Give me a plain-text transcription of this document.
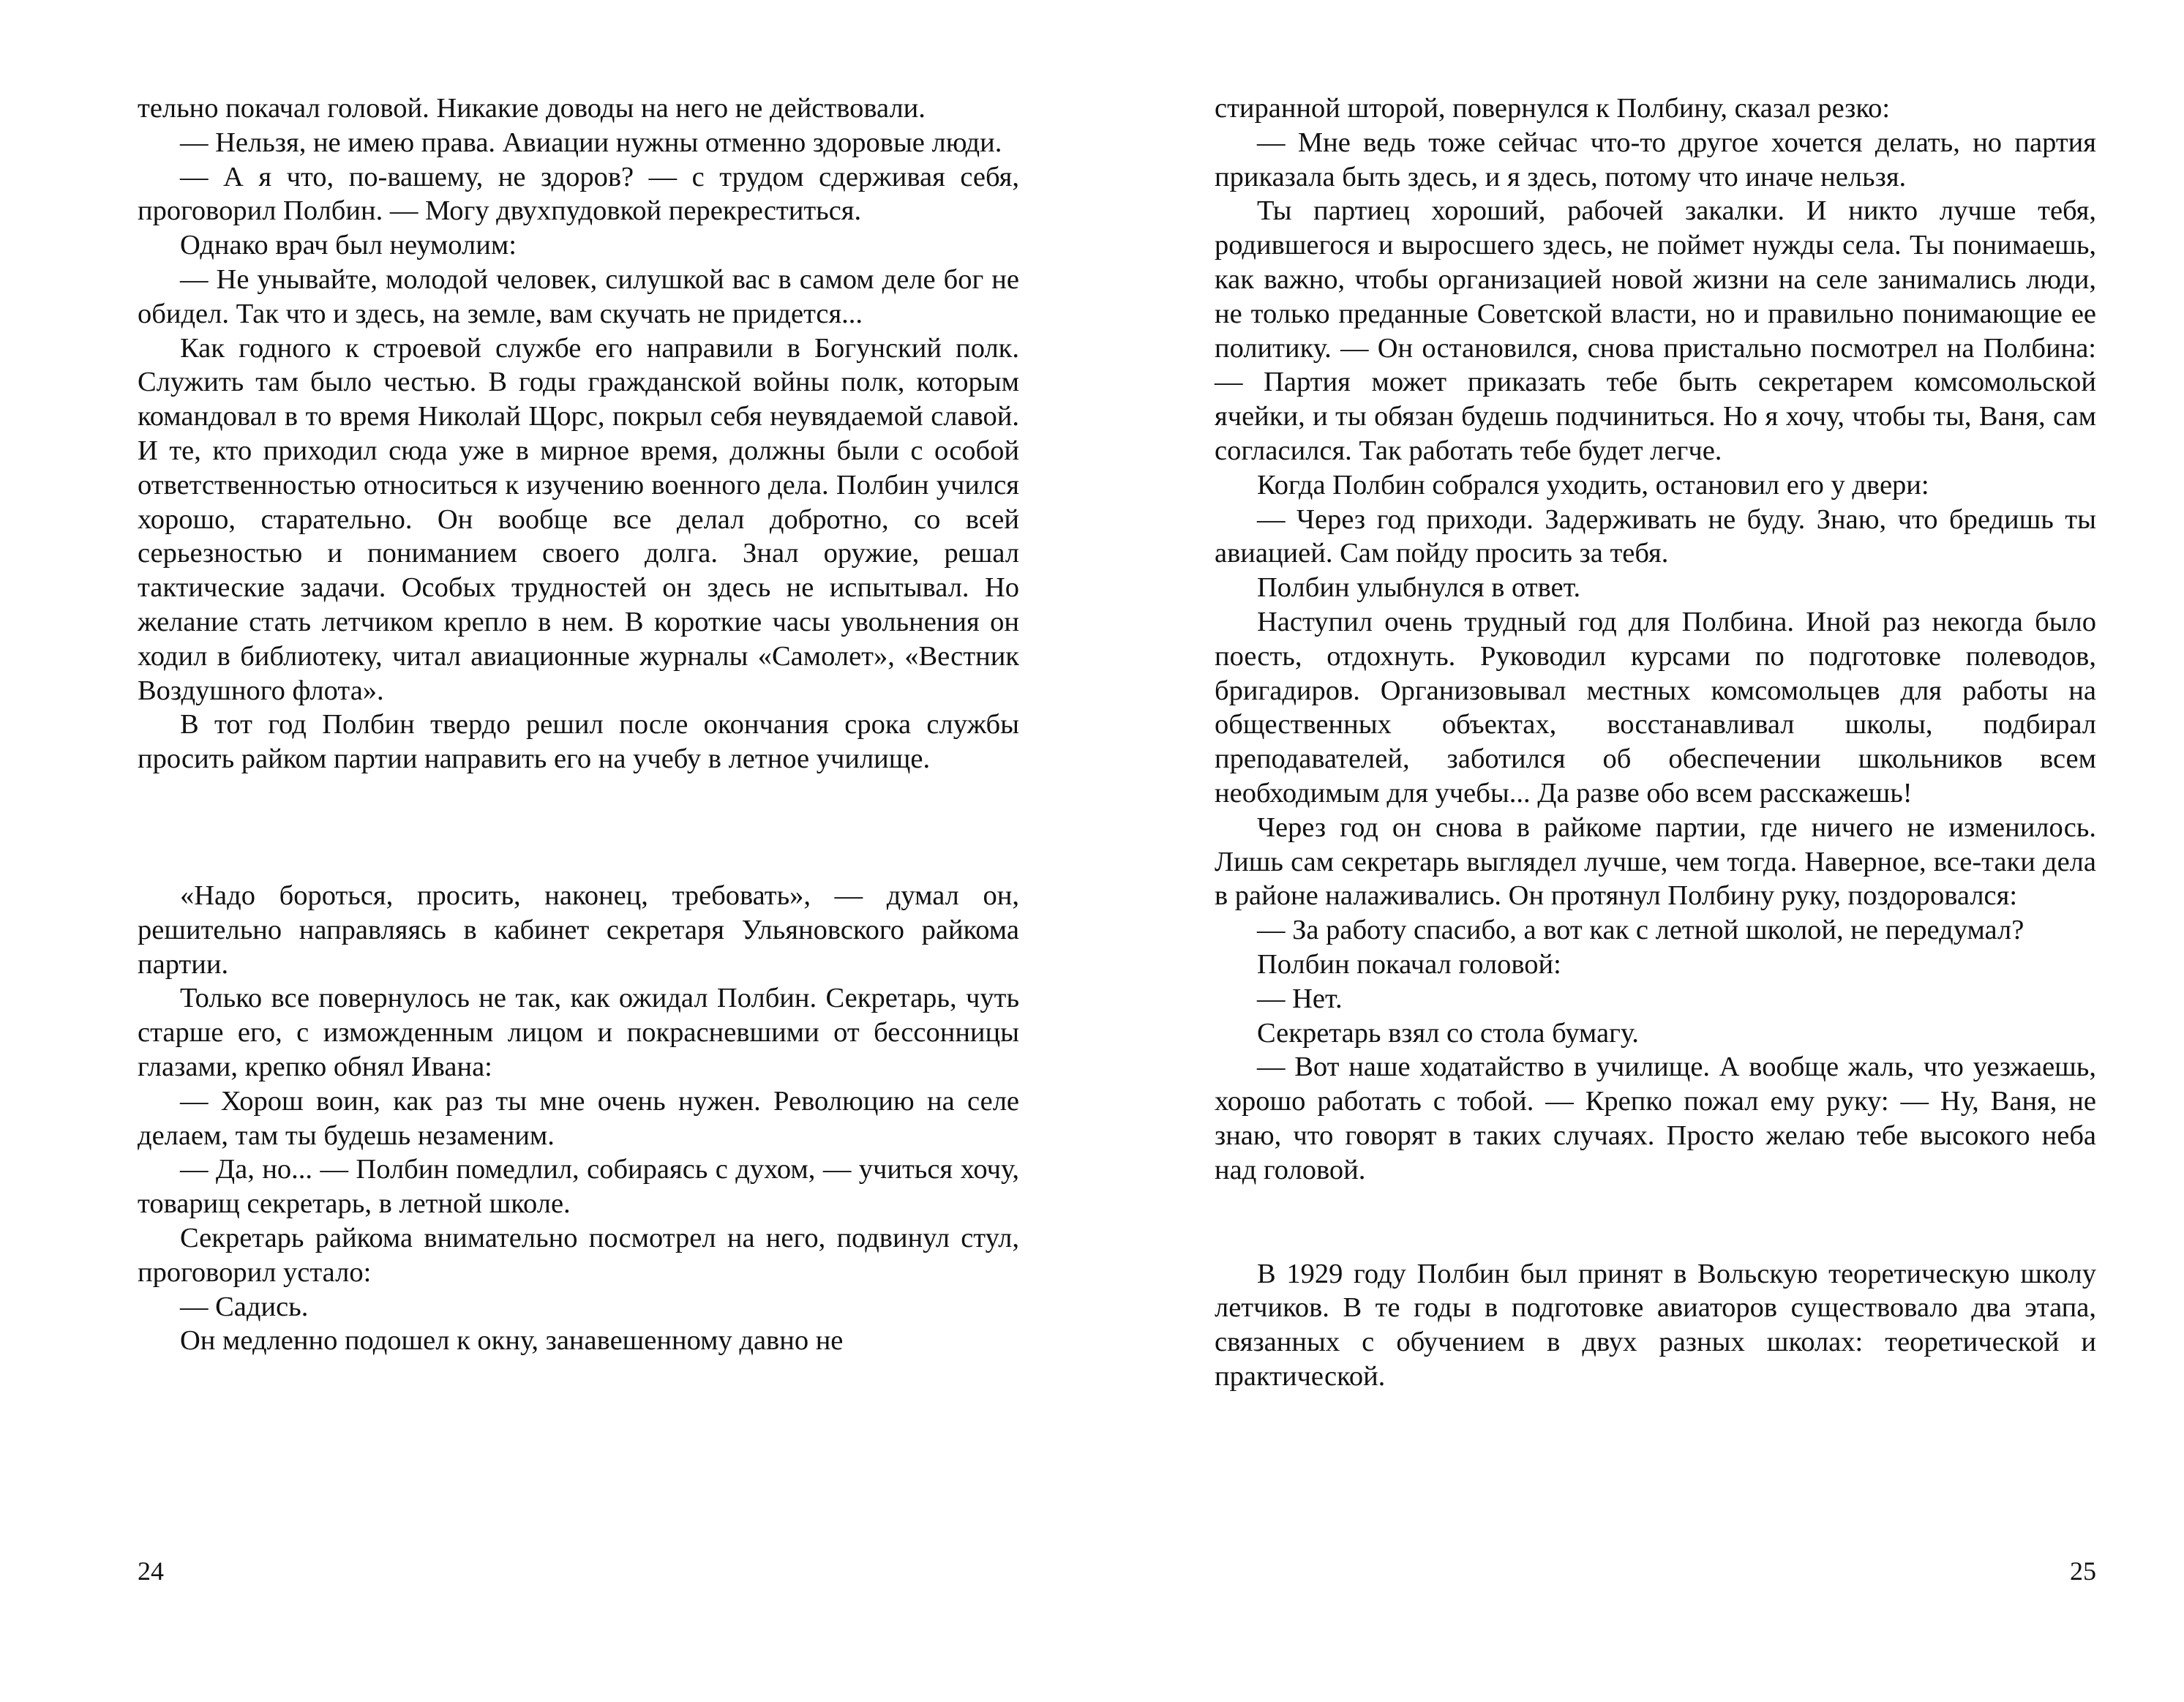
тельно покачал головой. Никакие доводы на него не действовали.

— Нельзя, не имею права. Авиации нужны отменно здоровые люди.

— А я что, по-вашему, не здоров? — с трудом сдерживая себя, проговорил Полбин. — Могу двухпудовкой перекреститься.

Однако врач был неумолим:

— Не унывайте, молодой человек, силушкой вас в самом деле бог не обидел. Так что и здесь, на земле, вам скучать не придется...

Как годного к строевой службе его направили в Богунский полк. Служить там было честью. В годы гражданской войны полк, которым командовал в то время Николай Щорс, покрыл себя неувядаемой славой. И те, кто приходил сюда уже в мирное время, должны были с особой ответственностью относиться к изучению военного дела. Полбин учился хорошо, старательно. Он вообще все делал добротно, со всей серьезностью и пониманием своего долга. Знал оружие, решал тактические задачи. Особых трудностей он здесь не испытывал. Но желание стать летчиком крепло в нем. В короткие часы увольнения он ходил в библиотеку, читал авиационные журналы «Самолет», «Вестник Воздушного флота».

В тот год Полбин твердо решил после окончания срока службы просить райком партии направить его на учебу в летное училище.

«Надо бороться, просить, наконец, требовать», — думал он, решительно направляясь в кабинет секретаря Ульяновского райкома партии.

Только все повернулось не так, как ожидал Полбин. Секретарь, чуть старше его, с изможденным лицом и покрасневшими от бессонницы глазами, крепко обнял Ивана:

— Хорош воин, как раз ты мне очень нужен. Революцию на селе делаем, там ты будешь незаменим.

— Да, но... — Полбин помедлил, собираясь с духом, — учиться хочу, товарищ секретарь, в летной школе.

Секретарь райкома внимательно посмотрел на него, подвинул стул, проговорил устало:

— Садись.

Он медленно подошел к окну, занавешенному давно не

24

стиранной шторой, повернулся к Полбину, сказал резко:

— Мне ведь тоже сейчас что-то другое хочется делать, но партия приказала быть здесь, и я здесь, потому что иначе нельзя.

Ты партиец хороший, рабочей закалки. И никто лучше тебя, родившегося и выросшего здесь, не поймет нужды села. Ты понимаешь, как важно, чтобы организацией новой жизни на селе занимались люди, не только преданные Советской власти, но и правильно понимающие ее политику. — Он остановился, снова пристально посмотрел на Полбина: — Партия может приказать тебе быть секретарем комсомольской ячейки, и ты обязан будешь подчиниться. Но я хочу, чтобы ты, Ваня, сам согласился. Так работать тебе будет легче.

Когда Полбин собрался уходить, остановил его у двери:

— Через год приходи. Задерживать не буду. Знаю, что бредишь ты авиацией. Сам пойду просить за тебя.

Полбин улыбнулся в ответ.

Наступил очень трудный год для Полбина. Иной раз некогда было поесть, отдохнуть. Руководил курсами по подготовке полеводов, бригадиров. Организовывал местных комсомольцев для работы на общественных объектах, восстанавливал школы, подбирал преподавателей, заботился об обеспечении школьников всем необходимым для учебы... Да разве обо всем расскажешь!

Через год он снова в райкоме партии, где ничего не изменилось. Лишь сам секретарь выглядел лучше, чем тогда. Наверное, все-таки дела в районе налаживались. Он протянул Полбину руку, поздоровался:

— За работу спасибо, а вот как с летной школой, не передумал?

Полбин покачал головой:

— Нет.

Секретарь взял со стола бумагу.

— Вот наше ходатайство в училище. А вообще жаль, что уезжаешь, хорошо работать с тобой. — Крепко пожал ему руку: — Ну, Ваня, не знаю, что говорят в таких случаях. Просто желаю тебе высокого неба над головой.

В 1929 году Полбин был принят в Вольскую теоретическую школу летчиков. В те годы в подготовке авиаторов существовало два этапа, связанных с обучением в двух разных школах: теоретической и практической.

25
